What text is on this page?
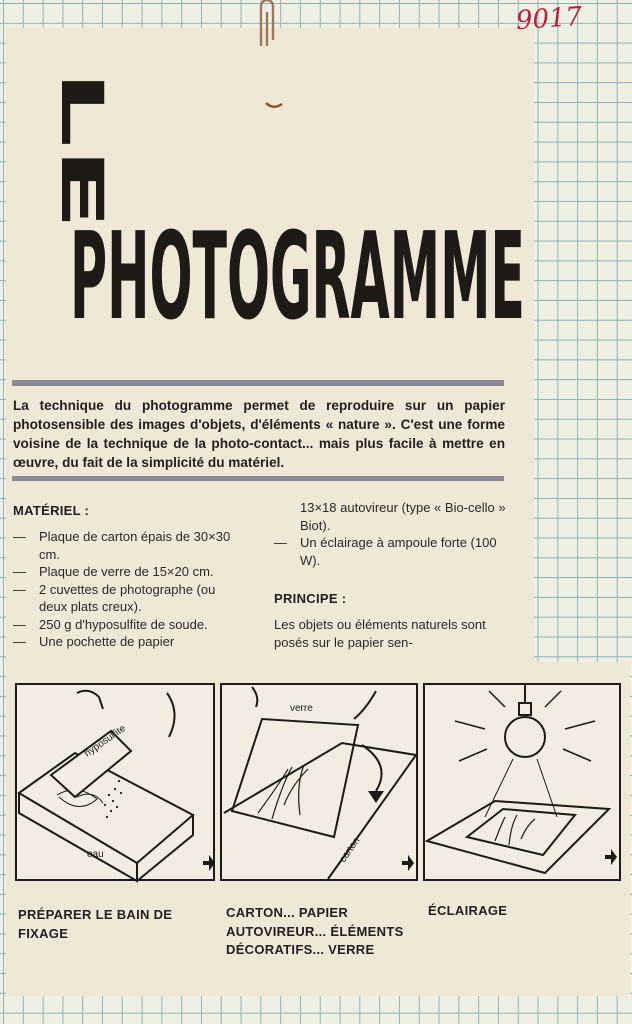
9017
LE
PHOTOGRAMME

La technique du photogramme permet de reproduire sur un papier photosensible des images d'objets, d'éléments « nature ». C'est une forme voisine de la technique de la photo-contact... mais plus facile à mettre en œuvre, du fait de la simplicité du matériel.

MATÉRIEL :
— Plaque de carton épais de 30×30 cm.
— Plaque de verre de 15×20 cm.
— 2 cuvettes de photographe (ou deux plats creux).
— 250 g d'hyposulfite de soude.
— Une pochette de papier
13×18 autovireur (type « Bio-cello » Biot).
— Un éclairage à ampoule forte (100 W).
PRINCIPE :
Les objets ou éléments naturels sont posés sur le papier sen-
hyposulfite
eau
verre
carton
PRÉPARER LE BAIN DE FIXAGE
CARTON... PAPIER AUTOVIREUR... ÉLÉMENTS DÉCORATIFS... VERRE
ÉCLAIRAGE
